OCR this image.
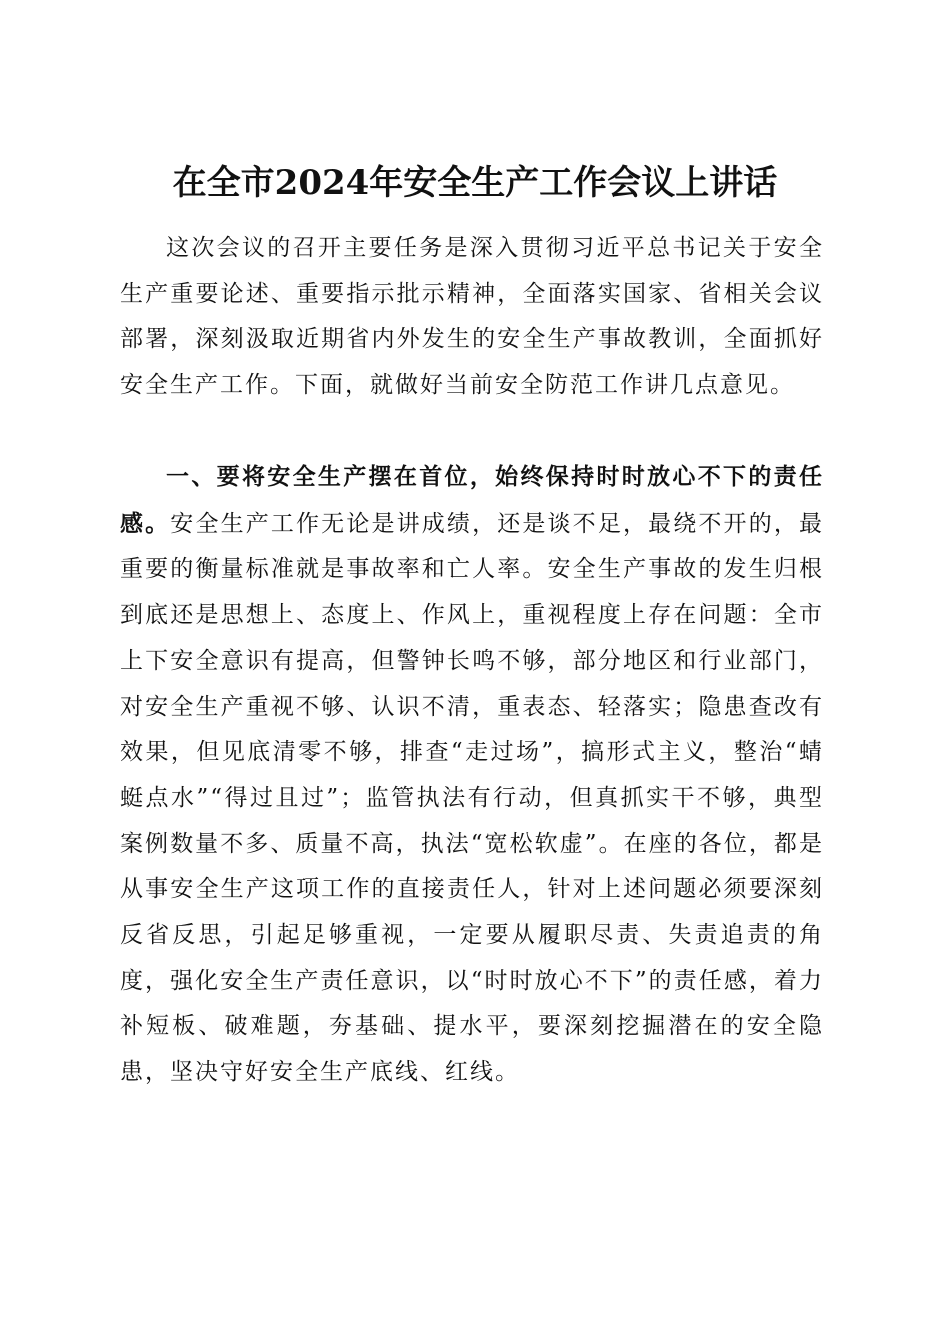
在全市2024年安全生产工作会议上讲话

这次会议的召开主要任务是深入贯彻习近平总书记关于安全生产重要论述、重要指示批示精神，全面落实国家、省相关会议部署，深刻汲取近期省内外发生的安全生产事故教训，全面抓好安全生产工作。下面，就做好当前安全防范工作讲几点意见。

一、要将安全生产摆在首位，始终保持时时放心不下的责任感。安全生产工作无论是讲成绩，还是谈不足，最绕不开的，最重要的衡量标准就是事故率和亡人率。安全生产事故的发生归根到底还是思想上、态度上、作风上，重视程度上存在问题：全市上下安全意识有提高，但警钟长鸣不够，部分地区和行业部门，对安全生产重视不够、认识不清，重表态、轻落实；隐患查改有效果，但见底清零不够，排查“走过场”，搞形式主义，整治“蜻蜓点水”“得过且过”；监管执法有行动，但真抓实干不够，典型案例数量不多、质量不高，执法“宽松软虚”。在座的各位，都是从事安全生产这项工作的直接责任人，针对上述问题必须要深刻反省反思，引起足够重视，一定要从履职尽责、失责追责的角度，强化安全生产责任意识，以“时时放心不下”的责任感，着力补短板、破难题，夯基础、提水平，要深刻挖掘潜在的安全隐患，坚决守好安全生产底线、红线。
